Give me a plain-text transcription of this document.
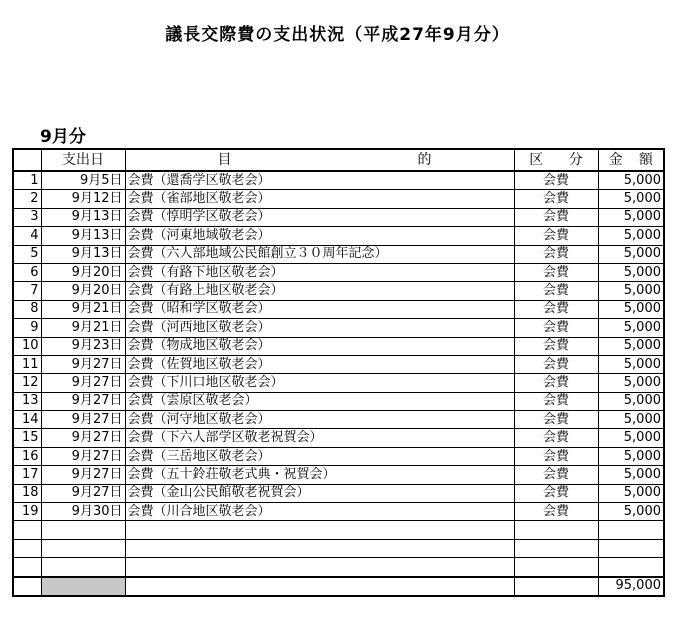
議長交際費の支出状況（平成27年9月分）
9月分
	支出日	目 的	区 分	金 額

1	9月5日	会費（還喬学区敬老会）	会費	5,000
2	9月12日	会費（雀部地区敬老会）	会費	5,000
3	9月13日	会費（惇明学区敬老会）	会費	5,000
4	9月13日	会費（河東地域敬老会）	会費	5,000
5	9月13日	会費（六人部地域公民館創立３０周年記念）	会費	5,000
6	9月20日	会費（有路下地区敬老会）	会費	5,000
7	9月20日	会費（有路上地区敬老会）	会費	5,000
8	9月21日	会費（昭和学区敬老会）	会費	5,000
9	9月21日	会費（河西地区敬老会）	会費	5,000
10	9月23日	会費（物成地区敬老会）	会費	5,000
11	9月27日	会費（佐賀地区敬老会）	会費	5,000
12	9月27日	会費（下川口地区敬老会）	会費	5,000
13	9月27日	会費（雲原区敬老会）	会費	5,000
14	9月27日	会費（河守地区敬老会）	会費	5,000
15	9月27日	会費（下六人部学区敬老祝賀会）	会費	5,000
16	9月27日	会費（三岳地区敬老会）	会費	5,000
17	9月27日	会費（五十鈴荘敬老式典・祝賀会）	会費	5,000
18	9月27日	会費（金山公民館敬老祝賀会）	会費	5,000
19	9月30日	会費（川合地区敬老会）	会費	5,000

				95,000
